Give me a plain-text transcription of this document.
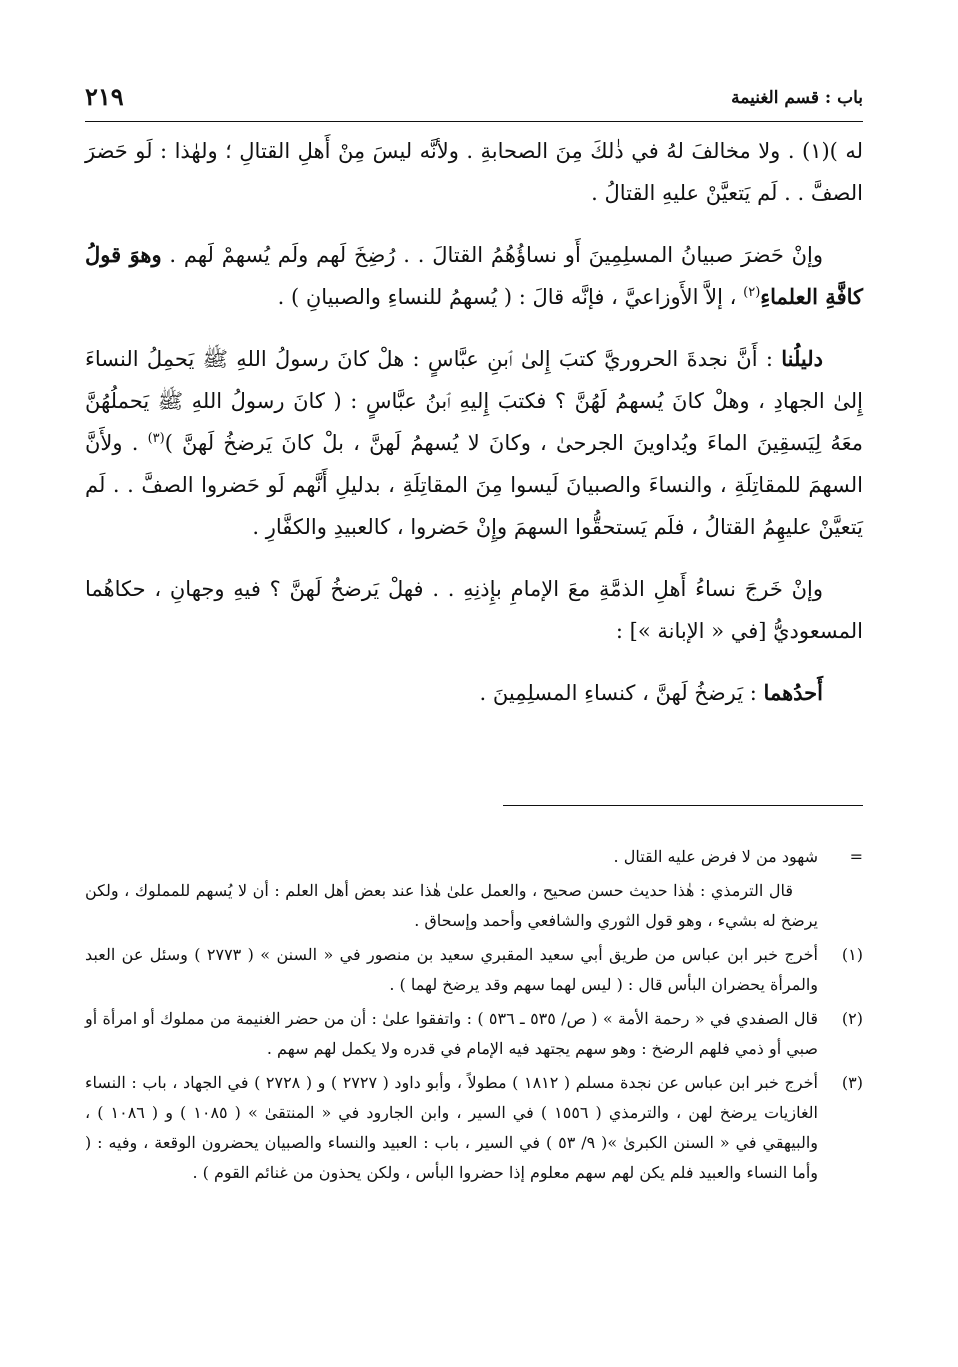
باب : قسم الغنيمة
٢١٩

له )(١) . ولا مخالفَ لهُ في ذٰلكَ مِنَ الصحابةِ . ولأنَّه ليسَ مِنْ أَهلِ القتالِ ؛ ولهٰذا : لَو حَضرَ الصفَّ . . لَم يَتعيَّنْ عليهِ القتالُ .

وإنْ حَضرَ صبيانُ المسلِمِينَ أَو نساؤُهُمُ القتالَ . . رُضِخَ لَهم ولَم يُسهمْ لَهم . وهوَ قولُ كافَّةِ العلماءِ$^{(٢)}$ ، إلاَّ الأَوزاعيَّ ، فإنَّه قالَ : ( يُسهمُ للنساءِ والصبيانِ ) .

دليلُنا : أَنَّ نجدةَ الحروريَّ كتبَ إِلىٰ ٱبنِ عبَّاسٍ : هلْ كانَ رسولُ اللهِ ﷺ يَحمِلُ النساءَ إِلىٰ الجهادِ ، وهلْ كانَ يُسهمُ لَهُنَّ ؟ فكتبَ إِليهِ ٱبنُ عبَّاسٍ : ( كانَ رسولُ اللهِ ﷺ يَحملُهُنَّ معَهُ لِيَسقِينَ الماءَ ويُداوينَ الجرحىٰ ، وكانَ لا يُسهمُ لَهنَّ ، بلْ كانَ يَرضخُ لَهنَّ )$^{(٣)}$ . ولأَنَّ السهمَ للمقاتِلَةِ ، والنساءَ والصبيانَ لَيسوا مِنَ المقاتِلَةِ ، بدليلِ أَنَّهم لَو حَضروا الصفَّ . . لَم يَتعيَّنْ عليهِمُ القتالُ ، فلَم يَستحقُّوا السهمَ وإِنْ حَضروا ، كالعبيدِ والكفَّارِ .

وإنْ خَرجَ نساءُ أَهلِ الذمَّةِ معَ الإمامِ بإِذنِهِ . . فهلْ يَرضخُ لَهنَّ ؟ فيهِ وجهانِ ، حكاهُما المسعوديُّ [في « الإبانة »] :

أَحدُهما : يَرضخُ لَهنَّ ، كنساءِ المسلِمِينَ .

=
شهود من لا فرض عليه القتال .
قال الترمذي : هٰذا حديث حسن صحيح ، والعمل علىٰ هٰذا عند بعض أهل العلم : أن لا يُسهم للمملوك ، ولكن يرضخ له بشيء ، وهو قول الثوري والشافعي وأحمد وإسحاق .
(١)
أخرج خبر ابن عباس من طريق أبي سعيد المقبري سعيد بن منصور في « السنن » ( ٢٧٧٣ ) وسئل عن العبد والمرأة يحضران البأس قال : ( ليس لهما سهم وقد يرضخ لهما ) .
(٢)
قال الصفدي في « رحمة الأمة » ( ص/ ٥٣٥ ـ ٥٣٦ ) : واتفقوا علىٰ : أن من حضر الغنيمة من مملوك أو امرأة أو صبي أو ذمي فلهم الرضخ : وهو سهم يجتهد فيه الإمام في قدره ولا يكمل لهم سهم .
(٣)
أخرج خبر ابن عباس عن نجدة مسلم ( ١٨١٢ ) مطولاً ، وأبو داود ( ٢٧٢٧ ) و ( ٢٧٢٨ ) في الجهاد ، باب : النساء الغازيات يرضخ لهن ، والترمذي ( ١٥٥٦ ) في السير ، وابن الجارود في « المنتقىٰ » ( ١٠٨٥ ) و ( ١٠٨٦ ) ، والبيهقي في « السنن الكبرىٰ »( ٩/ ٥٣ ) في السير ، باب : العبيد والنساء والصبيان يحضرون الوقعة ، وفيه : ( وأما النساء والعبيد فلم يكن لهم سهم معلوم إذا حضروا البأس ، ولكن يحذون من غنائم القوم ) .
